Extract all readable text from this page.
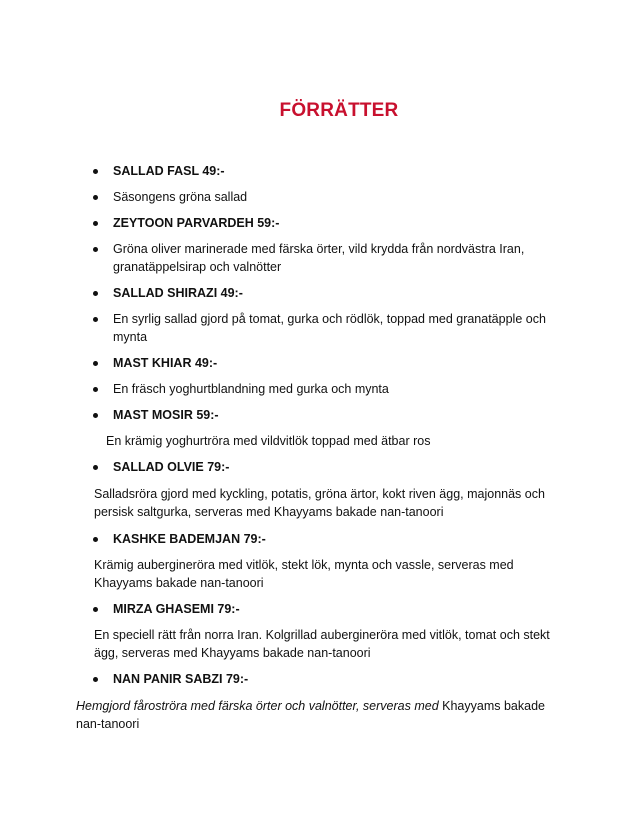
FÖRRÄTTER
SALLAD FASL 49:-
Säsongens gröna sallad
ZEYTOON PARVARDEH 59:-
Gröna oliver marinerade med färska örter, vild krydda från nordvästra Iran,
granatäppelsirap och valnötter
SALLAD SHIRAZI 49:-
En syrlig sallad gjord på tomat, gurka och rödlök, toppad med granatäpple och
mynta
MAST KHIAR 49:-
En fräsch yoghurtblandning med gurka och mynta
MAST MOSIR 59:-
En krämig yoghurtröra med vildvitlök toppad med ätbar ros
SALLAD OLVIE 79:-
Salladsröra gjord med kyckling, potatis, gröna ärtor, kokt riven ägg, majonnäs och
persisk saltgurka, serveras med Khayyams bakade nan-tanoori
KASHKE BADEMJAN 79:-
Krämig auberginеröra med vitlök, stekt lök, mynta och vassle, serveras med
Khayyams bakade nan-tanoori
MIRZA GHASEMI 79:-
En speciell rätt från norra Iran. Kolgrillad auberginеröra med vitlök, tomat och stekt
ägg, serveras med Khayyams bakade nan-tanoori
NAN PANIR SABZI 79:-
Hemgjord fåroströra med färska örter och valnötter, serveras med Khayyams bakade
nan-tanoori
